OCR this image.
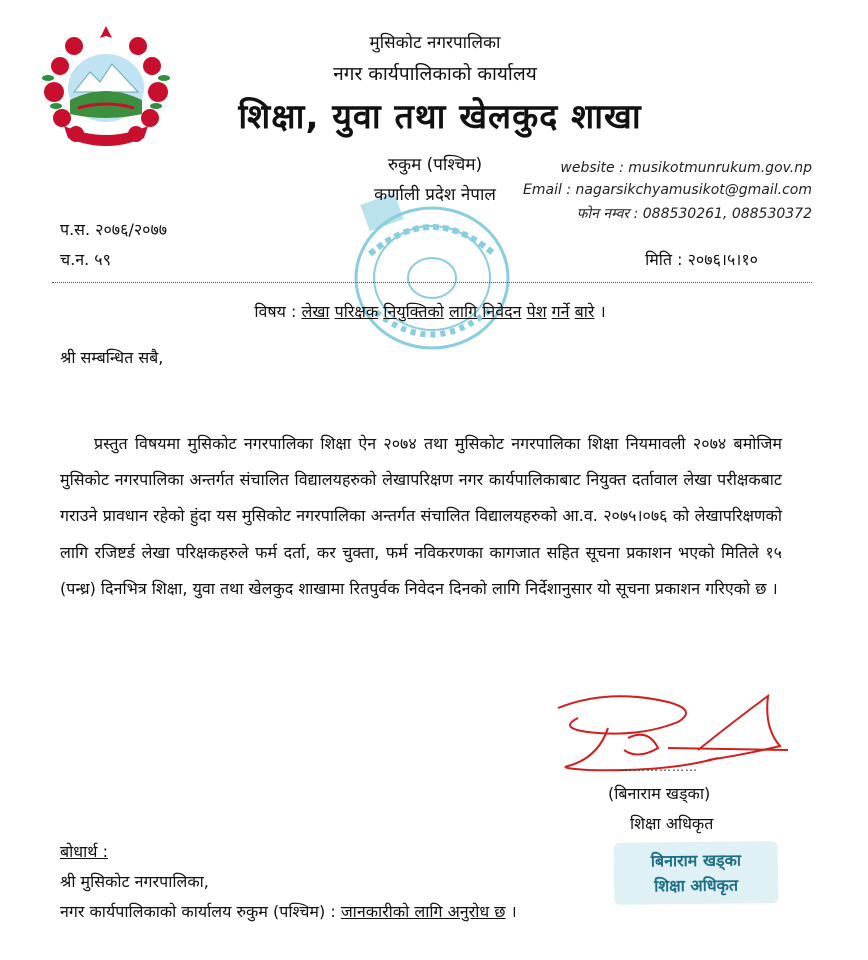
मुसिकोट नगरपालिका
नगर कार्यपालिकाको कार्यालय
शिक्षा, युवा तथा खेलकुद शाखा
रुकुम (पश्चिम)
कर्णाली प्रदेश नेपाल
website : musikotmunrukum.gov.np
Email : nagarsikchyamusikot@gmail.com
फोन नम्वर : 088530261, 088530372
प.स. २०७६/२०७७
च.न. ५९	मिति : २०७६।५।१०
विषय : लेखा परिक्षक नियुक्तिको लागि निवेदन पेश गर्ने बारे ।
श्री सम्बन्धित सबै,
प्रस्तुत विषयमा मुसिकोट नगरपालिका शिक्षा ऐन २०७४ तथा मुसिकोट नगरपालिका शिक्षा नियमावली २०७४ बमोजिम मुसिकोट नगरपालिका अन्तर्गत संचालित विद्यालयहरुको लेखापरिक्षण नगर कार्यपालिकाबाट नियुक्त दर्तावाल लेखा परीक्षकबाट गराउने प्रावधान रहेको हुंदा यस मुसिकोट नगरपालिका अन्तर्गत संचालित विद्यालयहरुको आ.व. २०७५।०७६ को लेखापरिक्षणको लागि रजिष्टर्ड लेखा परिक्षकहरुले फर्म दर्ता, कर चुक्ता, फर्म नविकरणका कागजात सहित सूचना प्रकाशन भएको मितिले १५ (पन्ध्र) दिनभित्र शिक्षा, युवा तथा खेलकुद शाखामा रितपुर्वक निवेदन दिनको लागि निर्देशानुसार यो सूचना प्रकाशन गरिएको छ ।
………………
(बिनाराम खड्का)
शिक्षा अधिकृत
बोधार्थ :
श्री मुसिकोट नगरपालिका,
नगर कार्यपालिकाको कार्यालय रुकुम (पश्चिम) : जानकारीको लागि अनुरोध छ ।
बिनाराम खड्का
शिक्षा अधिकृत
